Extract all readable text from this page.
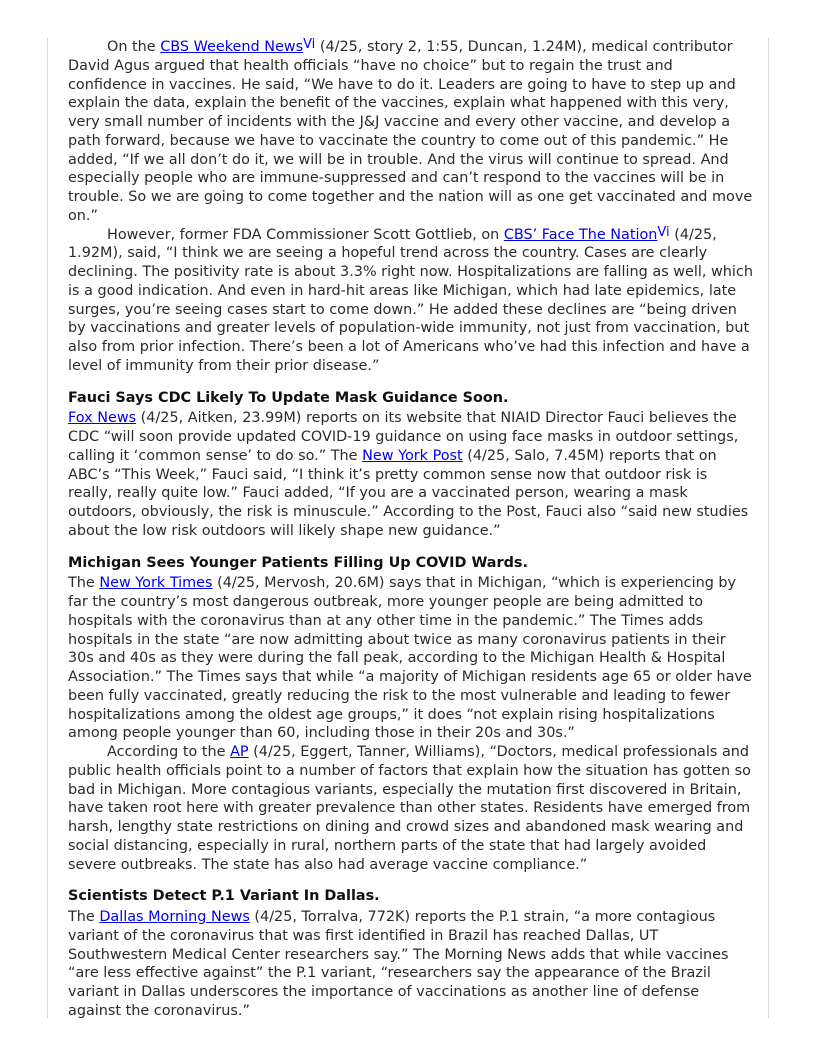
On the CBS Weekend News$^{Vi}$ (4/25, story 2, 1:55, Duncan, 1.24M), medical contributor David Agus argued that health officials “have no choice” but to regain the trust and confidence in vaccines. He said, “We have to do it. Leaders are going to have to step up and explain the data, explain the benefit of the vaccines, explain what happened with this very, very small number of incidents with the J&J vaccine and every other vaccine, and develop a path forward, because we have to vaccinate the country to come out of this pandemic.” He added, “If we all don’t do it, we will be in trouble. And the virus will continue to spread. And especially people who are immune-suppressed and can’t respond to the vaccines will be in trouble. So we are going to come together and the nation will as one get vaccinated and move on.”

However, former FDA Commissioner Scott Gottlieb, on CBS’ Face The Nation$^{Vi}$ (4/25, 1.92M), said, “I think we are seeing a hopeful trend across the country. Cases are clearly declining. The positivity rate is about 3.3% right now. Hospitalizations are falling as well, which is a good indication. And even in hard-hit areas like Michigan, which had late epidemics, late surges, you’re seeing cases start to come down.” He added these declines are “being driven by vaccinations and greater levels of population-wide immunity, not just from vaccination, but also from prior infection. There’s been a lot of Americans who’ve had this infection and have a level of immunity from their prior disease.”

Fauci Says CDC Likely To Update Mask Guidance Soon.

Fox News (4/25, Aitken, 23.99M) reports on its website that NIAID Director Fauci believes the CDC “will soon provide updated COVID-19 guidance on using face masks in outdoor settings, calling it ‘common sense’ to do so.” The New York Post (4/25, Salo, 7.45M) reports that on ABC’s “This Week,” Fauci said, “I think it’s pretty common sense now that outdoor risk is really, really quite low.” Fauci added, “If you are a vaccinated person, wearing a mask outdoors, obviously, the risk is minuscule.” According to the Post, Fauci also “said new studies about the low risk outdoors will likely shape new guidance.”

Michigan Sees Younger Patients Filling Up COVID Wards.

The New York Times (4/25, Mervosh, 20.6M) says that in Michigan, “which is experiencing by far the country’s most dangerous outbreak, more younger people are being admitted to hospitals with the coronavirus than at any other time in the pandemic.” The Times adds hospitals in the state “are now admitting about twice as many coronavirus patients in their 30s and 40s as they were during the fall peak, according to the Michigan Health & Hospital Association.” The Times says that while “a majority of Michigan residents age 65 or older have been fully vaccinated, greatly reducing the risk to the most vulnerable and leading to fewer hospitalizations among the oldest age groups,” it does “not explain rising hospitalizations among people younger than 60, including those in their 20s and 30s.”

According to the AP (4/25, Eggert, Tanner, Williams), “Doctors, medical professionals and public health officials point to a number of factors that explain how the situation has gotten so bad in Michigan. More contagious variants, especially the mutation first discovered in Britain, have taken root here with greater prevalence than other states. Residents have emerged from harsh, lengthy state restrictions on dining and crowd sizes and abandoned mask wearing and social distancing, especially in rural, northern parts of the state that had largely avoided severe outbreaks. The state has also had average vaccine compliance.”

Scientists Detect P.1 Variant In Dallas.

The Dallas Morning News (4/25, Torralva, 772K) reports the P.1 strain, “a more contagious variant of the coronavirus that was first identified in Brazil has reached Dallas, UT Southwestern Medical Center researchers say.” The Morning News adds that while vaccines “are less effective against” the P.1 variant, “researchers say the appearance of the Brazil variant in Dallas underscores the importance of vaccinations as another line of defense against the coronavirus.”
